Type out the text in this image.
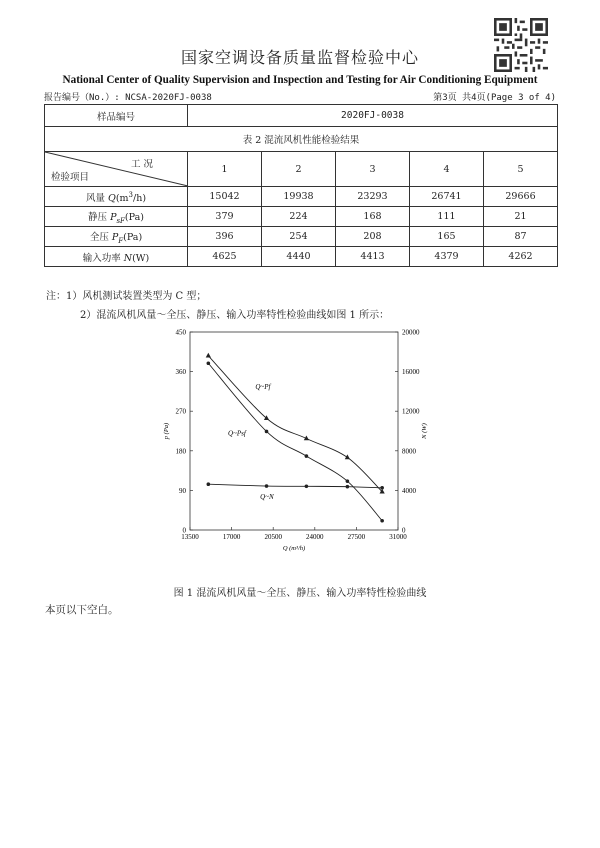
国家空调设备质量监督检验中心
National Center of Quality Supervision and Inspection and Testing for Air Conditioning Equipment
报告编号（No.）: NCSA-2020FJ-0038	第3页 共4页(Page 3 of 4)
样品编号	2020FJ-0038				
表 2 混流风机性能检验结果					

工 况
检验项目	1	2	3	4	5
风量 $Q(m^3/h)$	15042	19938	23293	26741	29666
静压 $P_{sF}(Pa)$	379	224	168	111	21
全压 $P_F(Pa)$	396	254	208	165	87
输入功率 N(W)	4625	4440	4413	4379	4262
注：1）风机测试装置类型为 C 型；
2）混流风机风量～全压、静压、输入功率特性检验曲线如图 1 所示：
13500	17000	20500	24000	27500	31000
0
90
180
270
360
450
0
4000
8000
12000
16000
20000
Q (m³/h)
p (Pa)	N (W)
Q~Pf
Q~Psf
Q~N
图 1 混流风机风量～全压、静压、输入功率特性检验曲线
本页以下空白。
